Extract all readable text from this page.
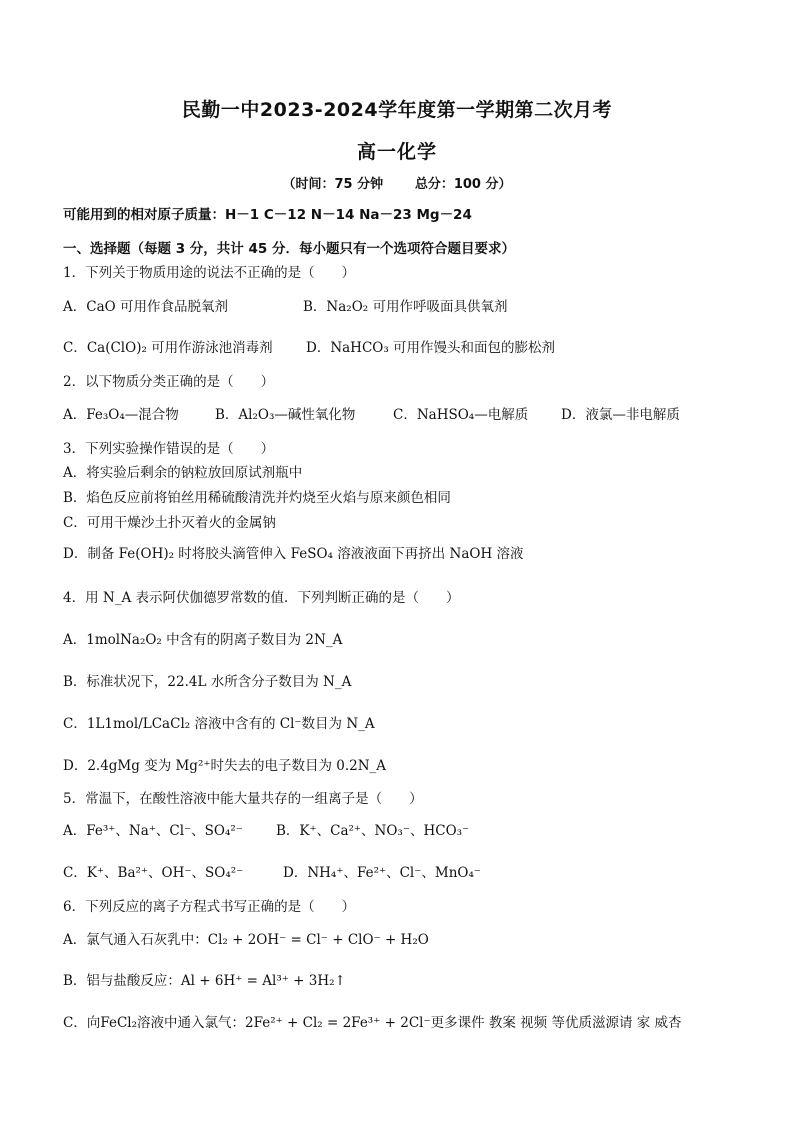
民勤一中2023-2024学年度第一学期第二次月考
高一化学
（时间：75 分钟       总分：100 分）
可能用到的相对原子质量：H－1 C－12 N－14 Na－23 Mg－24
一、选择题（每题 3 分，共计 45 分．每小题只有一个选项符合题目要求）
1．下列关于物质用途的说法不正确的是（　　）
A．CaO 可用作食品脱氧剂	B．Na₂O₂ 可用作呼吸面具供氧剂
C．Ca(ClO)₂ 可用作游泳池消毒剂 D．NaHCO₃ 可用作馒头和面包的膨松剂
2．以下物质分类正确的是（　　）
A．Fe₃O₄—混合物	B．Al₂O₃—碱性氧化物	C．NaHSO₄—电解质 D．液氯—非电解质
3．下列实验操作错误的是（　　）
A．将实验后剩余的钠粒放回原试剂瓶中
B．焰色反应前将铂丝用稀硫酸清洗并灼烧至火焰与原来颜色相同
C．可用干燥沙土扑灭着火的金属钠
D．制备 Fe(OH)₂ 时将胶头滴管伸入 FeSO₄ 溶液液面下再挤出 NaOH 溶液
4．用 N_A 表示阿伏伽德罗常数的值．下列判断正确的是（　　）
A．1molNa₂O₂ 中含有的阴离子数目为 2N_A
B．标准状况下，22.4L 水所含分子数目为 N_A
C．1L1mol/LCaCl₂ 溶液中含有的 Cl⁻数目为 N_A
D．2.4gMg 变为 Mg²⁺时失去的电子数目为 0.2N_A
5．常温下，在酸性溶液中能大量共存的一组离子是（　　）
A．Fe³⁺、Na⁺、Cl⁻、SO₄²⁻ B．K⁺、Ca²⁺、NO₃⁻、HCO₃⁻
C．K⁺、Ba²⁺、OH⁻、SO₄²⁻	D．NH₄⁺、Fe²⁺、Cl⁻、MnO₄⁻
6．下列反应的离子方程式书写正确的是（　　）
A．氯气通入石灰乳中：Cl₂ + 2OH⁻ = Cl⁻ + ClO⁻ + H₂O
B．铝与盐酸反应：Al + 6H⁺ = Al³⁺ + 3H₂↑
C．向FeCl₂溶液中通入氯气：2Fe²⁺ + Cl₂ = 2Fe³⁺ + 2Cl⁻更多课件 教案 视频 等优质滋源请 家 威杏
